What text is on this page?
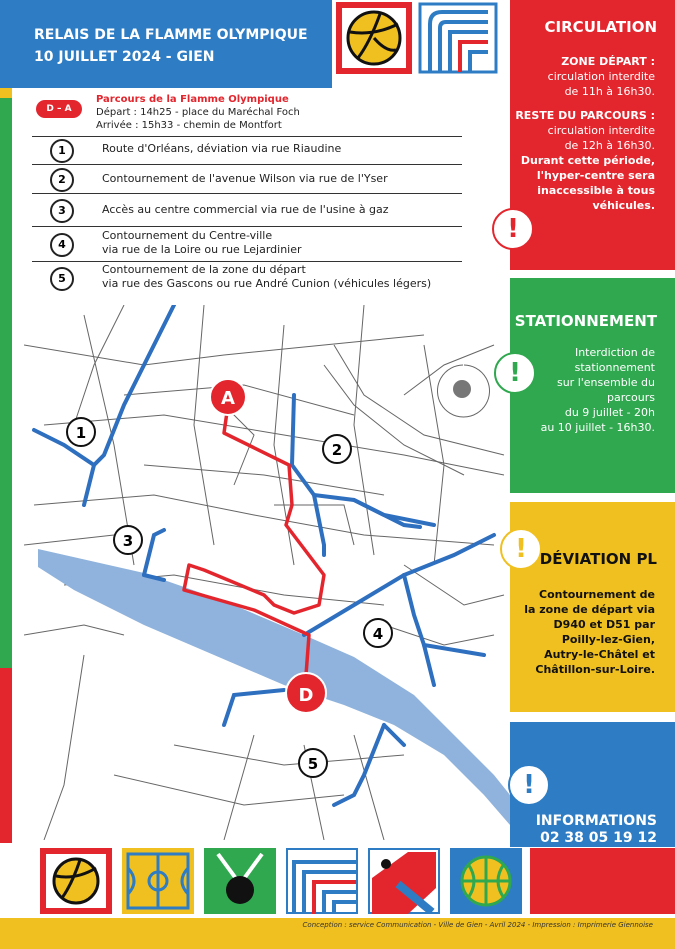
RELAIS DE LA FLAMME OLYMPIQUE
10 JUILLET 2024 - GIEN
CIRCULATION
ZONE DÉPART :
circulation interdite
de 11h à 16h30.
RESTE DU PARCOURS :
circulation interdite
de 12h à 16h30.
Durant cette période,
l'hyper-centre sera
inaccessible à tous
véhicules.
!
STATIONNEMENT
Interdiction de
stationnement
sur l'ensemble du
parcours
du 9 juillet - 20h
au 10 juillet - 16h30.
!
! DÉVIATION PL
Contournement de
la zone de départ via
D940 et D51 par
Poilly-lez-Gien,
Autry-le-Châtel et
Châtillon-sur-Loire.
!
INFORMATIONS
02 38 05 19 12
D – A
Parcours de la Flamme Olympique
Départ : 14h25 - place du Maréchal Foch
Arrivée : 15h33 - chemin de Montfort
1	Route d'Orléans, déviation via rue Riaudine
2	Contournement de l'avenue Wilson via rue de l'Yser
3	Accès au centre commercial via rue de l'usine à gaz
4
Contournement du Centre-ville
via rue de la Loire ou rue Lejardinier
5
Contournement de la zone du départ
via rue des Gascons ou rue André Cunion (véhicules légers)
A
D
1
2
3
4
5
Conception : service Communication - Ville de Gien - Avril 2024 - Impression : Imprimerie Giennoise
